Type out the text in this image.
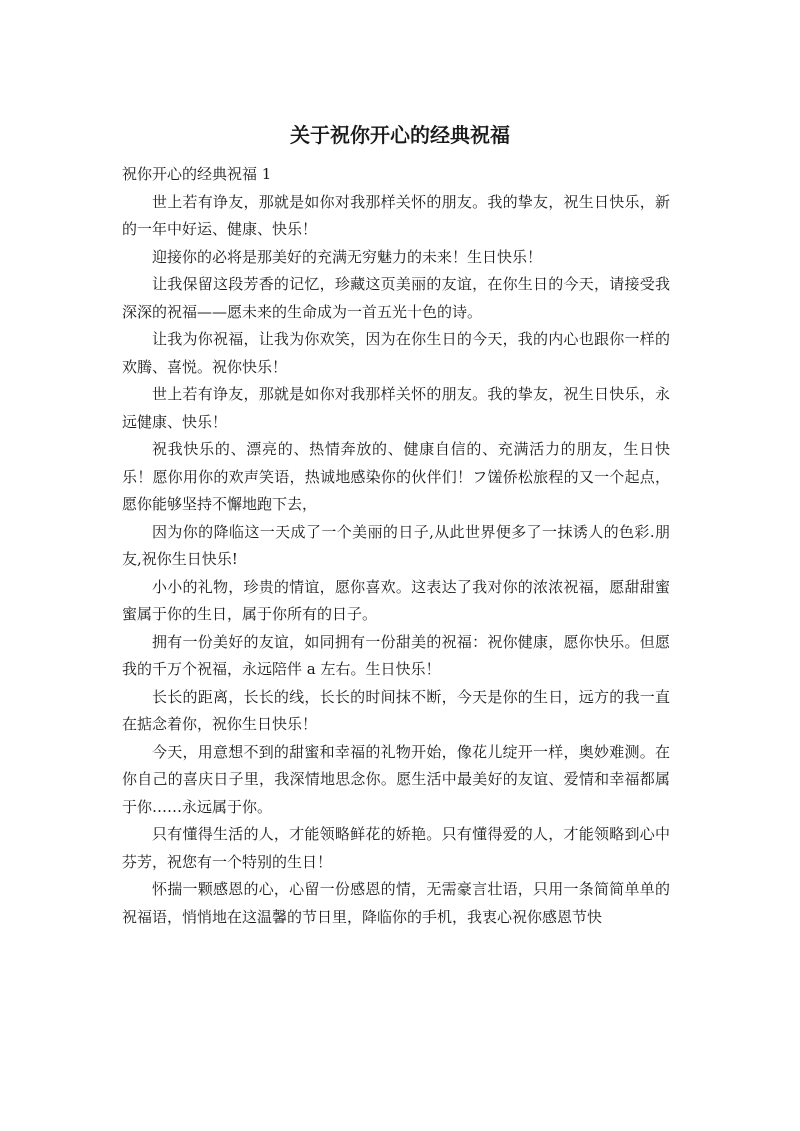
关于祝你开心的经典祝福

祝你开心的经典祝福 1

世上若有诤友，那就是如你对我那样关怀的朋友。我的挚友，祝生日快乐，新的一年中好运、健康、快乐！

迎接你的必将是那美好的充满无穷魅力的未来！生日快乐！

让我保留这段芳香的记忆，珍藏这页美丽的友谊，在你生日的今天，请接受我深深的祝福——愿未来的生命成为一首五光十色的诗。

让我为你祝福，让我为你欢笑，因为在你生日的今天，我的内心也跟你一样的欢腾、喜悦。祝你快乐！

世上若有诤友，那就是如你对我那样关怀的朋友。我的挚友，祝生日快乐，永远健康、快乐！

祝我快乐的、漂亮的、热情奔放的、健康自信的、充满活力的朋友，生日快乐！愿你用你的欢声笑语，热诚地感染你的伙伴们！フ馐侨松旅程的又一个起点，愿你能够坚持不懈地跑下去，

因为你的降临这一天成了一个美丽的日子,从此世界便多了一抹诱人的色彩.朋友,祝你生日快乐!

小小的礼物，珍贵的情谊，愿你喜欢。这表达了我对你的浓浓祝福，愿甜甜蜜蜜属于你的生日，属于你所有的日子。

拥有一份美好的友谊，如同拥有一份甜美的祝福：祝你健康，愿你快乐。但愿我的千万个祝福，永远陪伴 a 左右。生日快乐！

长长的距离，长长的线，长长的时间抹不断，今天是你的生日，远方的我一直在掂念着你，祝你生日快乐！

今天，用意想不到的甜蜜和幸福的礼物开始，像花儿绽开一样，奥妙难测。在你自己的喜庆日子里，我深情地思念你。愿生活中最美好的友谊、爱情和幸福都属于你……永远属于你。

只有懂得生活的人，才能领略鲜花的娇艳。只有懂得爱的人，才能领略到心中芬芳，祝您有一个特别的生日！

怀揣一颗感恩的心，心留一份感恩的情，无需豪言壮语，只用一条简简单单的祝福语，悄悄地在这温馨的节日里，降临你的手机，我衷心祝你感恩节快
